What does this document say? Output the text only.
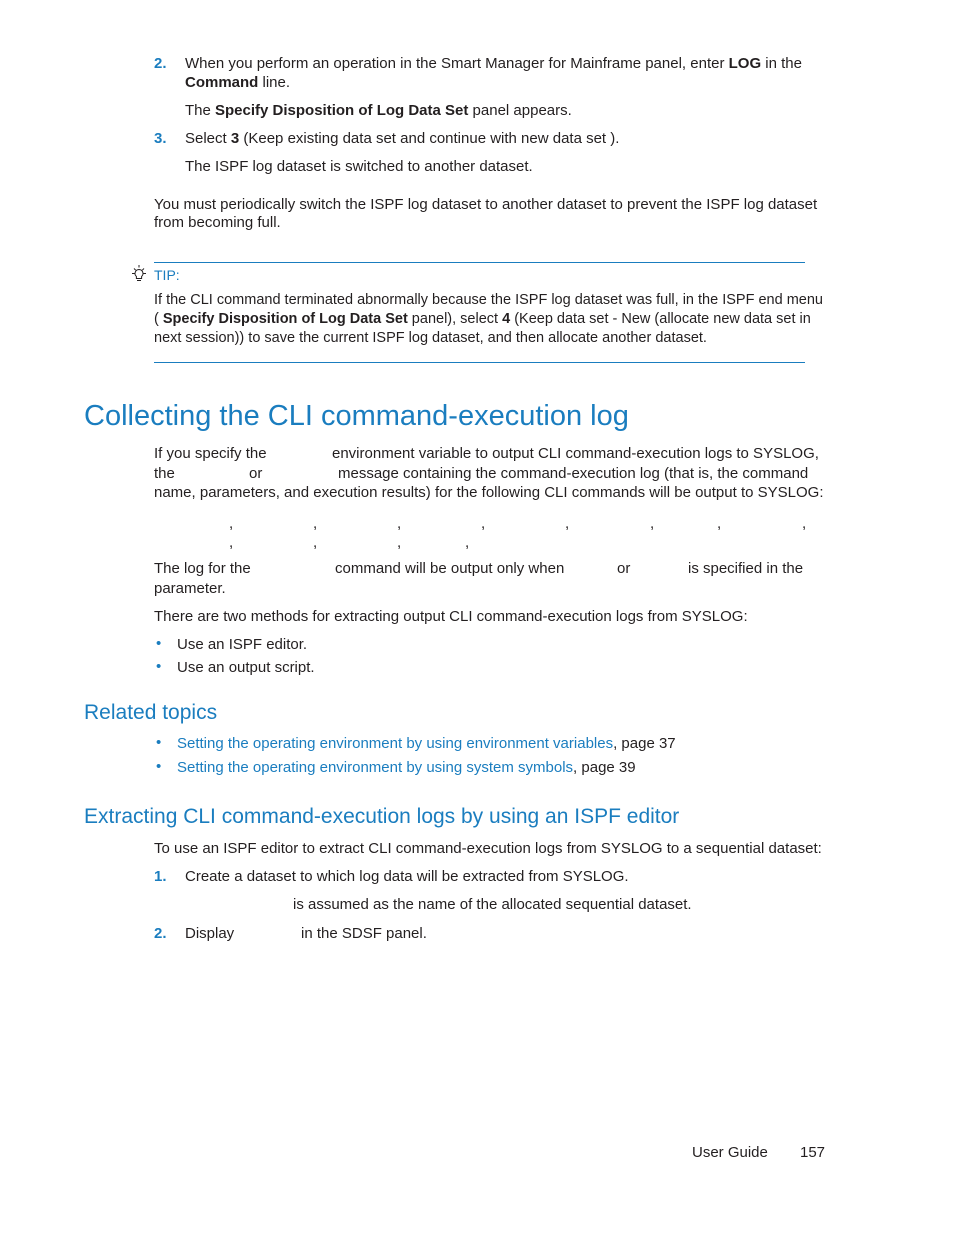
2. When you perform an operation in the Smart Manager for Mainframe panel, enter LOG in the
Command line.
The Specify Disposition of Log Data Set panel appears.
3. Select 3 (Keep existing data set and continue with new data set ).
The ISPF log dataset is switched to another dataset.
You must periodically switch the ISPF log dataset to another dataset to prevent the ISPF log dataset
from becoming full.
TIP:
If the CLI command terminated abnormally because the ISPF log dataset was full, in the ISPF end menu
( Specify Disposition of Log Data Set panel), select 4 (Keep data set - New (allocate new data set in
next session)) to save the current ISPF log dataset, and then allocate another dataset.
Collecting the CLI command-execution log
If you specify the	environment variable to output CLI command-execution logs to SYSLOG,
the	or	message containing the command-execution log (that is, the command
name, parameters, and execution results) for the following CLI commands will be output to SYSLOG:
,	,	,	,	,	,	,	,
,	,	,	,
The log for the	command will be output only when	or	is specified in the
parameter.
There are two methods for extracting output CLI command-execution logs from SYSLOG:
• Use an ISPF editor.
• Use an output script.
Related topics
• Setting the operating environment by using environment variables, page 37
• Setting the operating environment by using system symbols, page 39
Extracting CLI command-execution logs by using an ISPF editor
To use an ISPF editor to extract CLI command-execution logs from SYSLOG to a sequential dataset:
1. Create a dataset to which log data will be extracted from SYSLOG.
is assumed as the name of the allocated sequential dataset.
2. Display	in the SDSF panel.
User Guide 157
